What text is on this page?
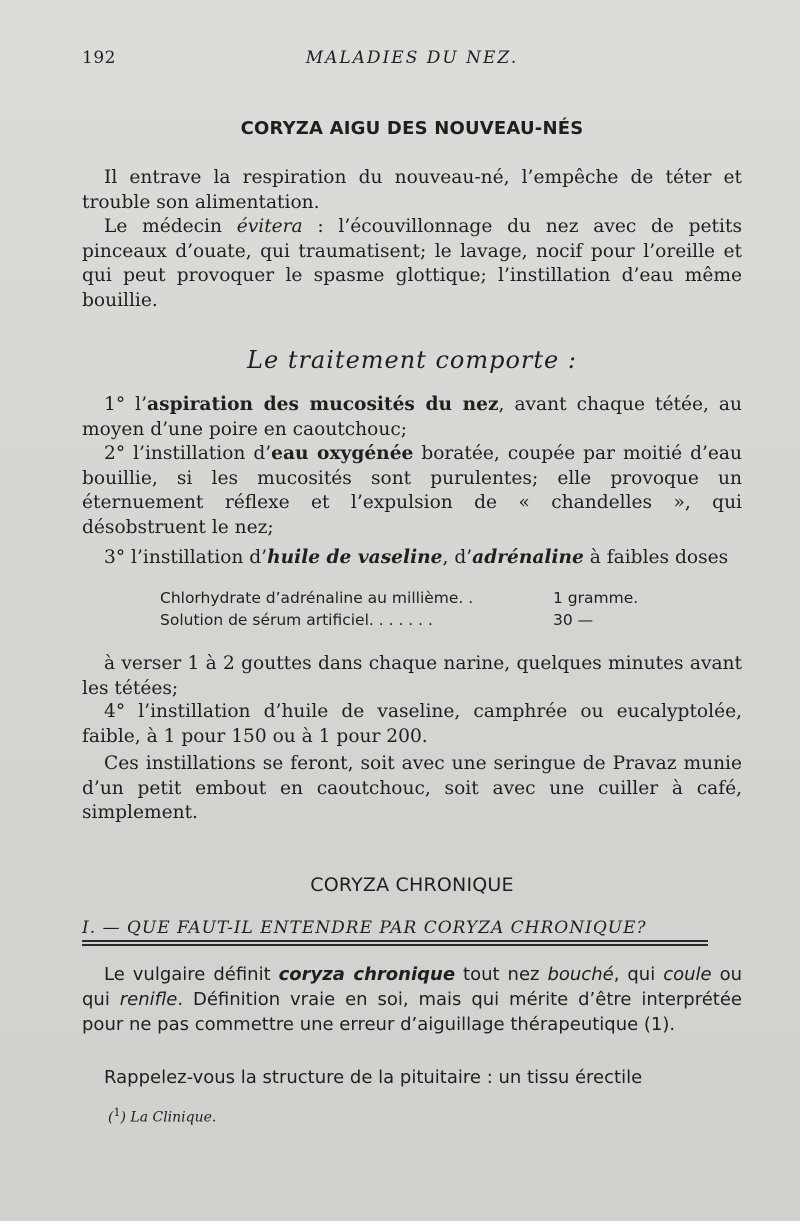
192	MALADIES DU NEZ.
CORYZA AIGU DES NOUVEAU-NÉS

Il entrave la respiration du nouveau-né, l’empêche de téter et trouble son alimentation.

Le médecin évitera : l’écouvillonnage du nez avec de petits pinceaux d’ouate, qui traumatisent; le lavage, nocif pour l’oreille et qui peut provoquer le spasme glottique; l’instillation d’eau même bouillie.

Le traitement comporte :

1° l’aspiration des mucosités du nez, avant chaque tétée, au moyen d’une poire en caoutchouc;

2° l’instillation d’eau oxygénée boratée, coupée par moitié d’eau bouillie, si les mucosités sont purulentes; elle provoque un éternuement réflexe et l’expulsion de « chandelles », qui désobstruent le nez;

3° l’instillation d’huile de vaseline, d’adrénaline à faibles doses

Chlorhydrate d’adrénaline au millième. .	1 gramme.
Solution de sérum artificiel. . . . . . .	30 —

à verser 1 à 2 gouttes dans chaque narine, quelques minutes avant les tétées;

4° l’instillation d’huile de vaseline, camphrée ou eucalyptolée, faible, à 1 pour 150 ou à 1 pour 200.

Ces instillations se feront, soit avec une seringue de Pravaz munie d’un petit embout en caoutchouc, soit avec une cuiller à café, simplement.

CORYZA CHRONIQUE
I. — QUE FAUT-IL ENTENDRE PAR CORYZA CHRONIQUE?

Le vulgaire définit coryza chronique tout nez bouché, qui coule ou qui renifle. Définition vraie en soi, mais qui mérite d’être interprétée pour ne pas commettre une erreur d’aiguillage thérapeutique (1).

Rappelez-vous la structure de la pituitaire : un tissu érectile

($^1$) La Clinique.
